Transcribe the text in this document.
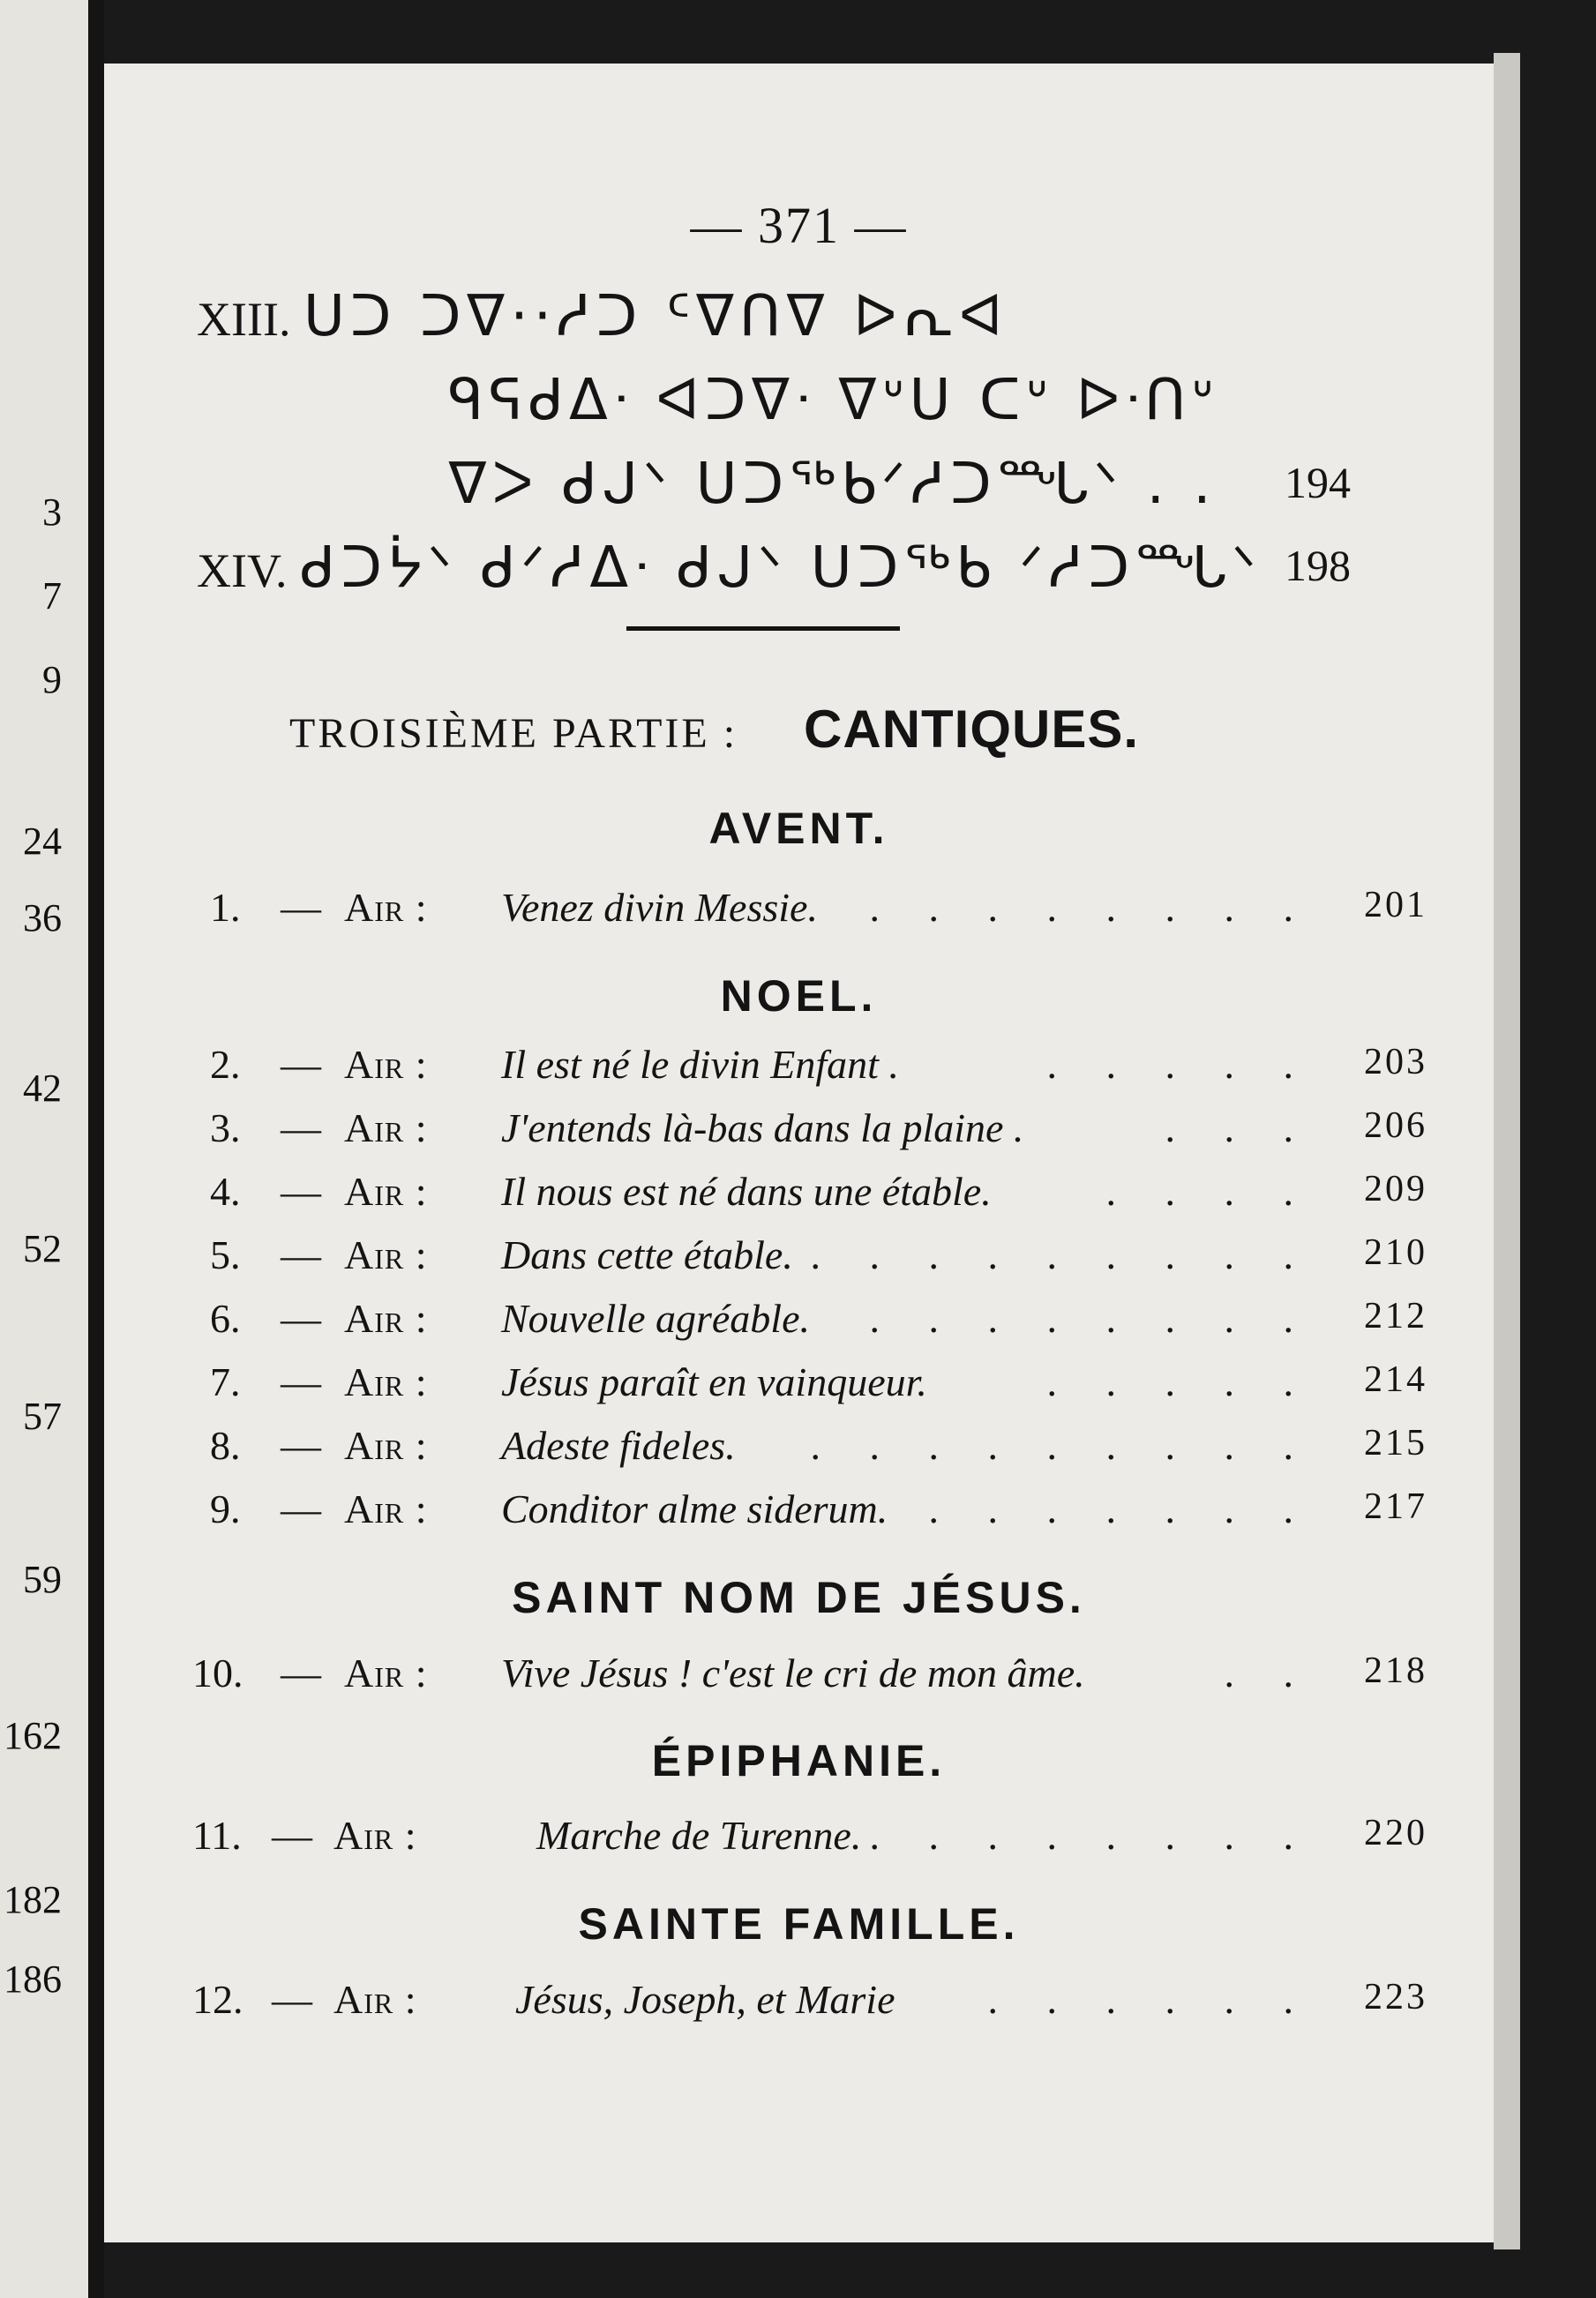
3
7
9
24
36
42
52
57
59
162
182
186
— 371 —
XIII. ᑌᑐ ᑐᐁ··ᓱᑐ ᑦᐁᑎᐁ ᐅᕆᐊ
ᑫᕋᑯᐃᐧ ᐊᑐᐁᐧ ᐁᐡᑌ ᑕᐡ ᐅᐧᑎᐡ
ᐁᐳ ᑯᒍᐠ ᑌᑐᖅᑲᐟᓱᑐᙵᐠ . . 194
XIV. ᑯᑐᔮᐠ ᑯᐟᓱᐃᐧ ᑯᒍᐠ ᑌᑐᖅᑲ ᐟᓱᑐᙵᐠ 198
TROISIÈME PARTIE : CANTIQUES.
AVENT.
1. — Air : Venez divin Messie. . . . . . . . . 201
NOEL.
2. — Air : Il est né le divin Enfant .	. . . . . 203
3. — Air : J'entends là-bas dans la plaine .	. . . 206
4. — Air : Il nous est né dans une étable.	. . . . 209
5. — Air : Dans cette étable. . . . . . . . . . 210
6. — Air : Nouvelle agréable. . . . . . . . . 212
7. — Air : Jésus paraît en vainqueur.	. . . . . 214
8. — Air : Adeste fideles. . . . . . . . . . 215
9. — Air : Conditor alme siderum. . . . . . . . 217
SAINT NOM DE JÉSUS.
10. — Air : Vive Jésus ! c'est le cri de mon âme.	. . 218
ÉPIPHANIE.
11. — Air :	Marche de Turenne. . . . . . . . . 220
SAINTE FAMILLE.
12. — Air : Jésus, Joseph, et Marie . . . . . . 223
